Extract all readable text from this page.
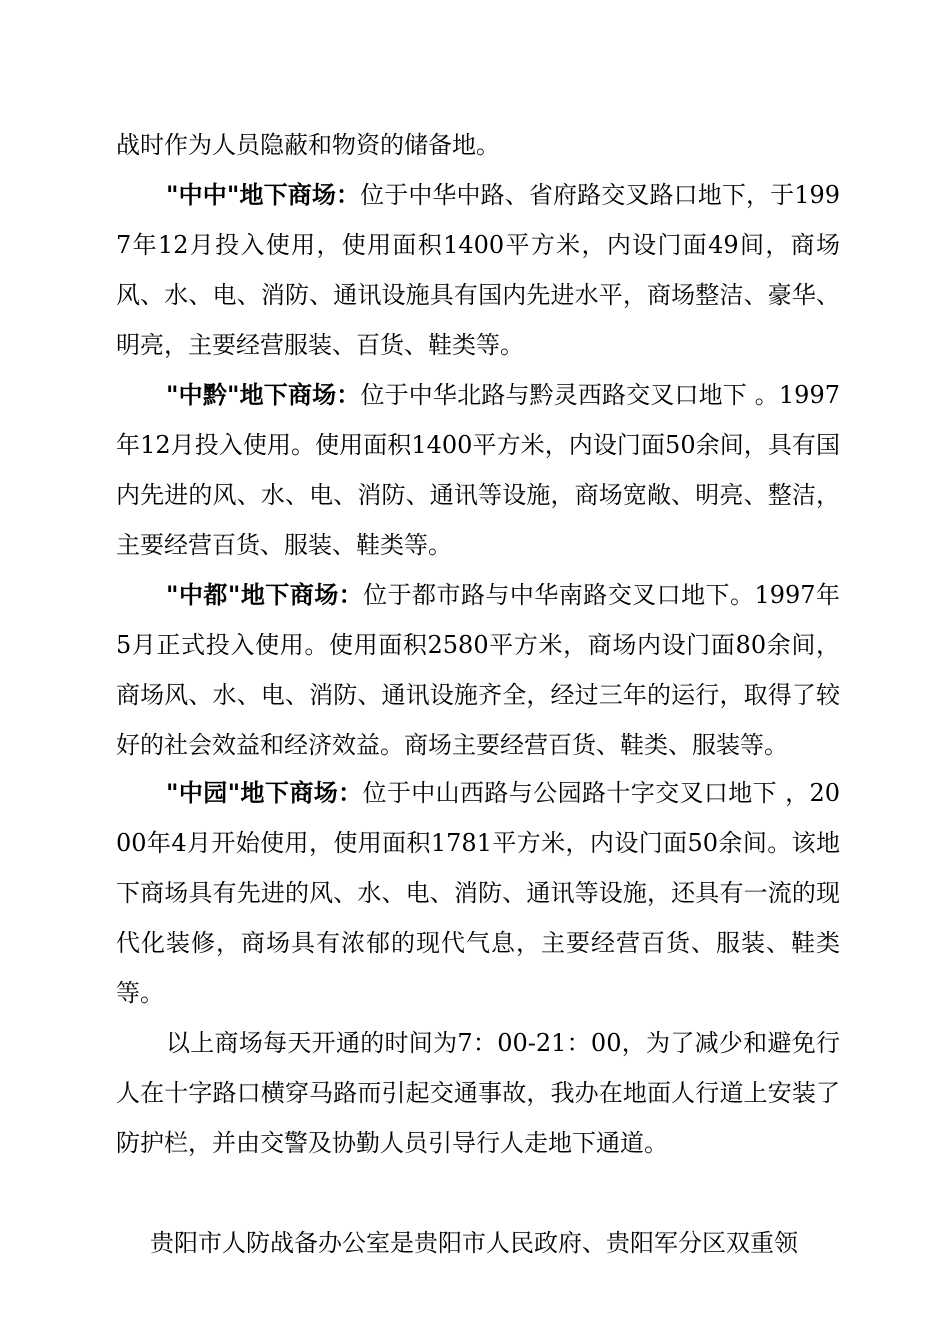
战时作为人员隐蔽和物资的储备地。

"中中"地下商场：位于中华中路、省府路交叉路口地下，于1997年12月投入使用，使用面积1400平方米，内设门面49间，商场风、水、电、消防、通讯设施具有国内先进水平，商场整洁、豪华、明亮，主要经营服装、百货、鞋类等。

"中黔"地下商场：位于中华北路与黔灵西路交叉口地下 。1997年12月投入使用。使用面积1400平方米，内设门面50余间，具有国内先进的风、水、电、消防、通讯等设施，商场宽敞、明亮、整洁，主要经营百货、服装、鞋类等。

"中都"地下商场：位于都市路与中华南路交叉口地下。1997年5月正式投入使用。使用面积2580平方米，商场内设门面80余间，商场风、水、电、消防、通讯设施齐全，经过三年的运行，取得了较好的社会效益和经济效益。商场主要经营百货、鞋类、服装等。

"中园"地下商场：位于中山西路与公园路十字交叉口地下 ，2000年4月开始使用，使用面积1781平方米，内设门面50余间。该地下商场具有先进的风、水、电、消防、通讯等设施，还具有一流的现代化装修，商场具有浓郁的现代气息，主要经营百货、服装、鞋类等。

以上商场每天开通的时间为7：00-21：00，为了减少和避免行人在十字路口横穿马路而引起交通事故，我办在地面人行道上安装了防护栏，并由交警及协勤人员引导行人走地下通道。

贵阳市人防战备办公室是贵阳市人民政府、贵阳军分区双重领
